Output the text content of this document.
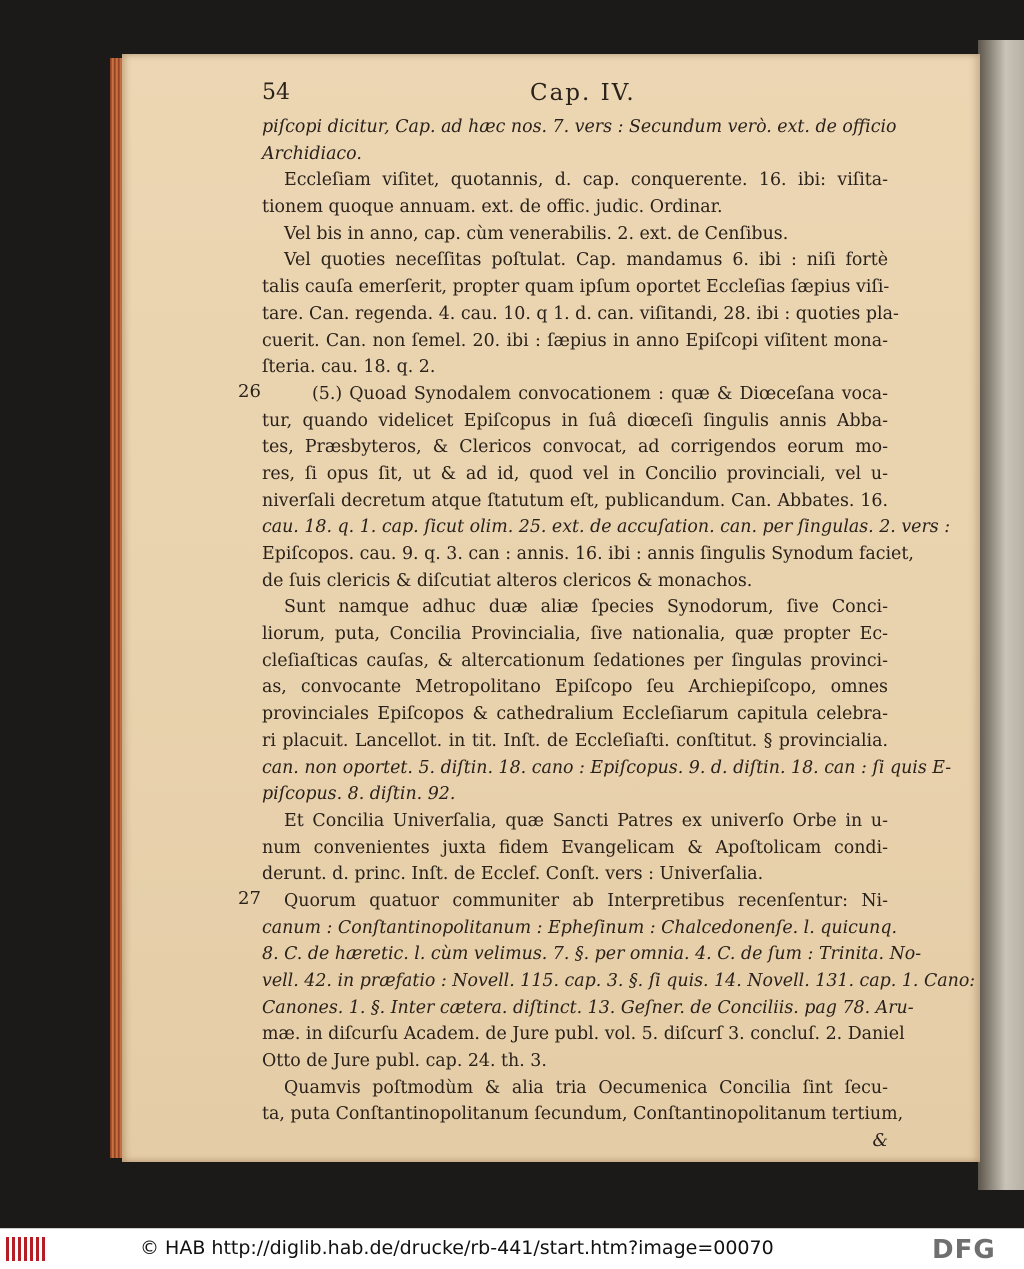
54	Cap. IV.
piſcopi dicitur, Cap. ad hæc nos. 7. vers : Secundum verò. ext. de officio
Archidiaco.
Eccleſiam viſitet, quotannis, d. cap. conquerente. 16. ibi: viſita-
tionem quoque annuam. ext. de offic. judic. Ordinar.
Vel bis in anno, cap. cùm venerabilis. 2. ext. de Cenſibus.
Vel quoties neceſſitas poſtulat. Cap. mandamus 6. ibi : niſi fortè
talis cauſa emerſerit, propter quam ipſum oportet Eccleſias ſæpius viſi-
tare. Can. regenda. 4. cau. 10. q 1. d. can. viſitandi, 28. ibi : quoties pla-
cuerit. Can. non ſemel. 20. ibi : ſæpius in anno Epiſcopi viſitent mona-
ſteria. cau. 18. q. 2.
26	(5.) Quoad Synodalem convocationem : quæ & Diœceſana voca-
tur, quando videlicet Epiſcopus in ſuâ diœceſi ſingulis annis Abba-
tes, Præsbyteros, & Clericos convocat, ad corrigendos eorum mo-
res, ſi opus ſit, ut & ad id, quod vel in Concilio provinciali, vel u-
niverſali decretum atque ſtatutum eſt, publicandum. Can. Abbates. 16.
cau. 18. q. 1. cap. ſicut olim. 25. ext. de accuſation. can. per ſingulas. 2. vers :
Epiſcopos. cau. 9. q. 3. can : annis. 16. ibi : annis ſingulis Synodum faciet,
de ſuis clericis & diſcutiat alteros clericos & monachos.
Sunt namque adhuc duæ aliæ ſpecies Synodorum, ſive Conci-
liorum, puta, Concilia Provincialia, ſive nationalia, quæ propter Ec-
cleſiaſticas cauſas, & altercationum ſedationes per ſingulas provinci-
as, convocante Metropolitano Epiſcopo ſeu Archiepiſcopo, omnes
provinciales Epiſcopos & cathedralium Eccleſiarum capitula celebra-
ri placuit. Lancellot. in tit. Inſt. de Eccleſiaſti. conſtitut. § provincialia.
can. non oportet. 5. diſtin. 18. cano : Epiſcopus. 9. d. diſtin. 18. can : ſi quis E-
piſcopus. 8. diſtin. 92.
Et Concilia Univerſalia, quæ Sancti Patres ex univerſo Orbe in u-
num convenientes juxta fidem Evangelicam & Apoſtolicam condi-
derunt. d. princ. Inſt. de Ecclef. Conſt. vers : Univerſalia.
27	Quorum quatuor communiter ab Interpretibus recenſentur: Ni-
canum : Conſtantinopolitanum : Epheſinum : Chalcedonenſe. l. quicunq.
8. C. de hæretic. l. cùm velimus. 7. §. per omnia. 4. C. de ſum : Trinita. No-
vell. 42. in præfatio : Novell. 115. cap. 3. §. ſi quis. 14. Novell. 131. cap. 1. Cano:
Canones. 1. §. Inter cætera. diſtinct. 13. Geſner. de Conciliis. pag 78. Aru-
mæ. in diſcurſu Academ. de Jure publ. vol. 5. diſcurſ 3. concluſ. 2. Daniel
Otto de Jure publ. cap. 24. th. 3.
Quamvis poſtmodùm & alia tria Oecumenica Concilia ſint ſecu-
ta, puta Conſtantinopolitanum ſecundum, Conſtantinopolitanum tertium,
&
© HAB http://diglib.hab.de/drucke/rb-441/start.htm?image=00070	DFG
